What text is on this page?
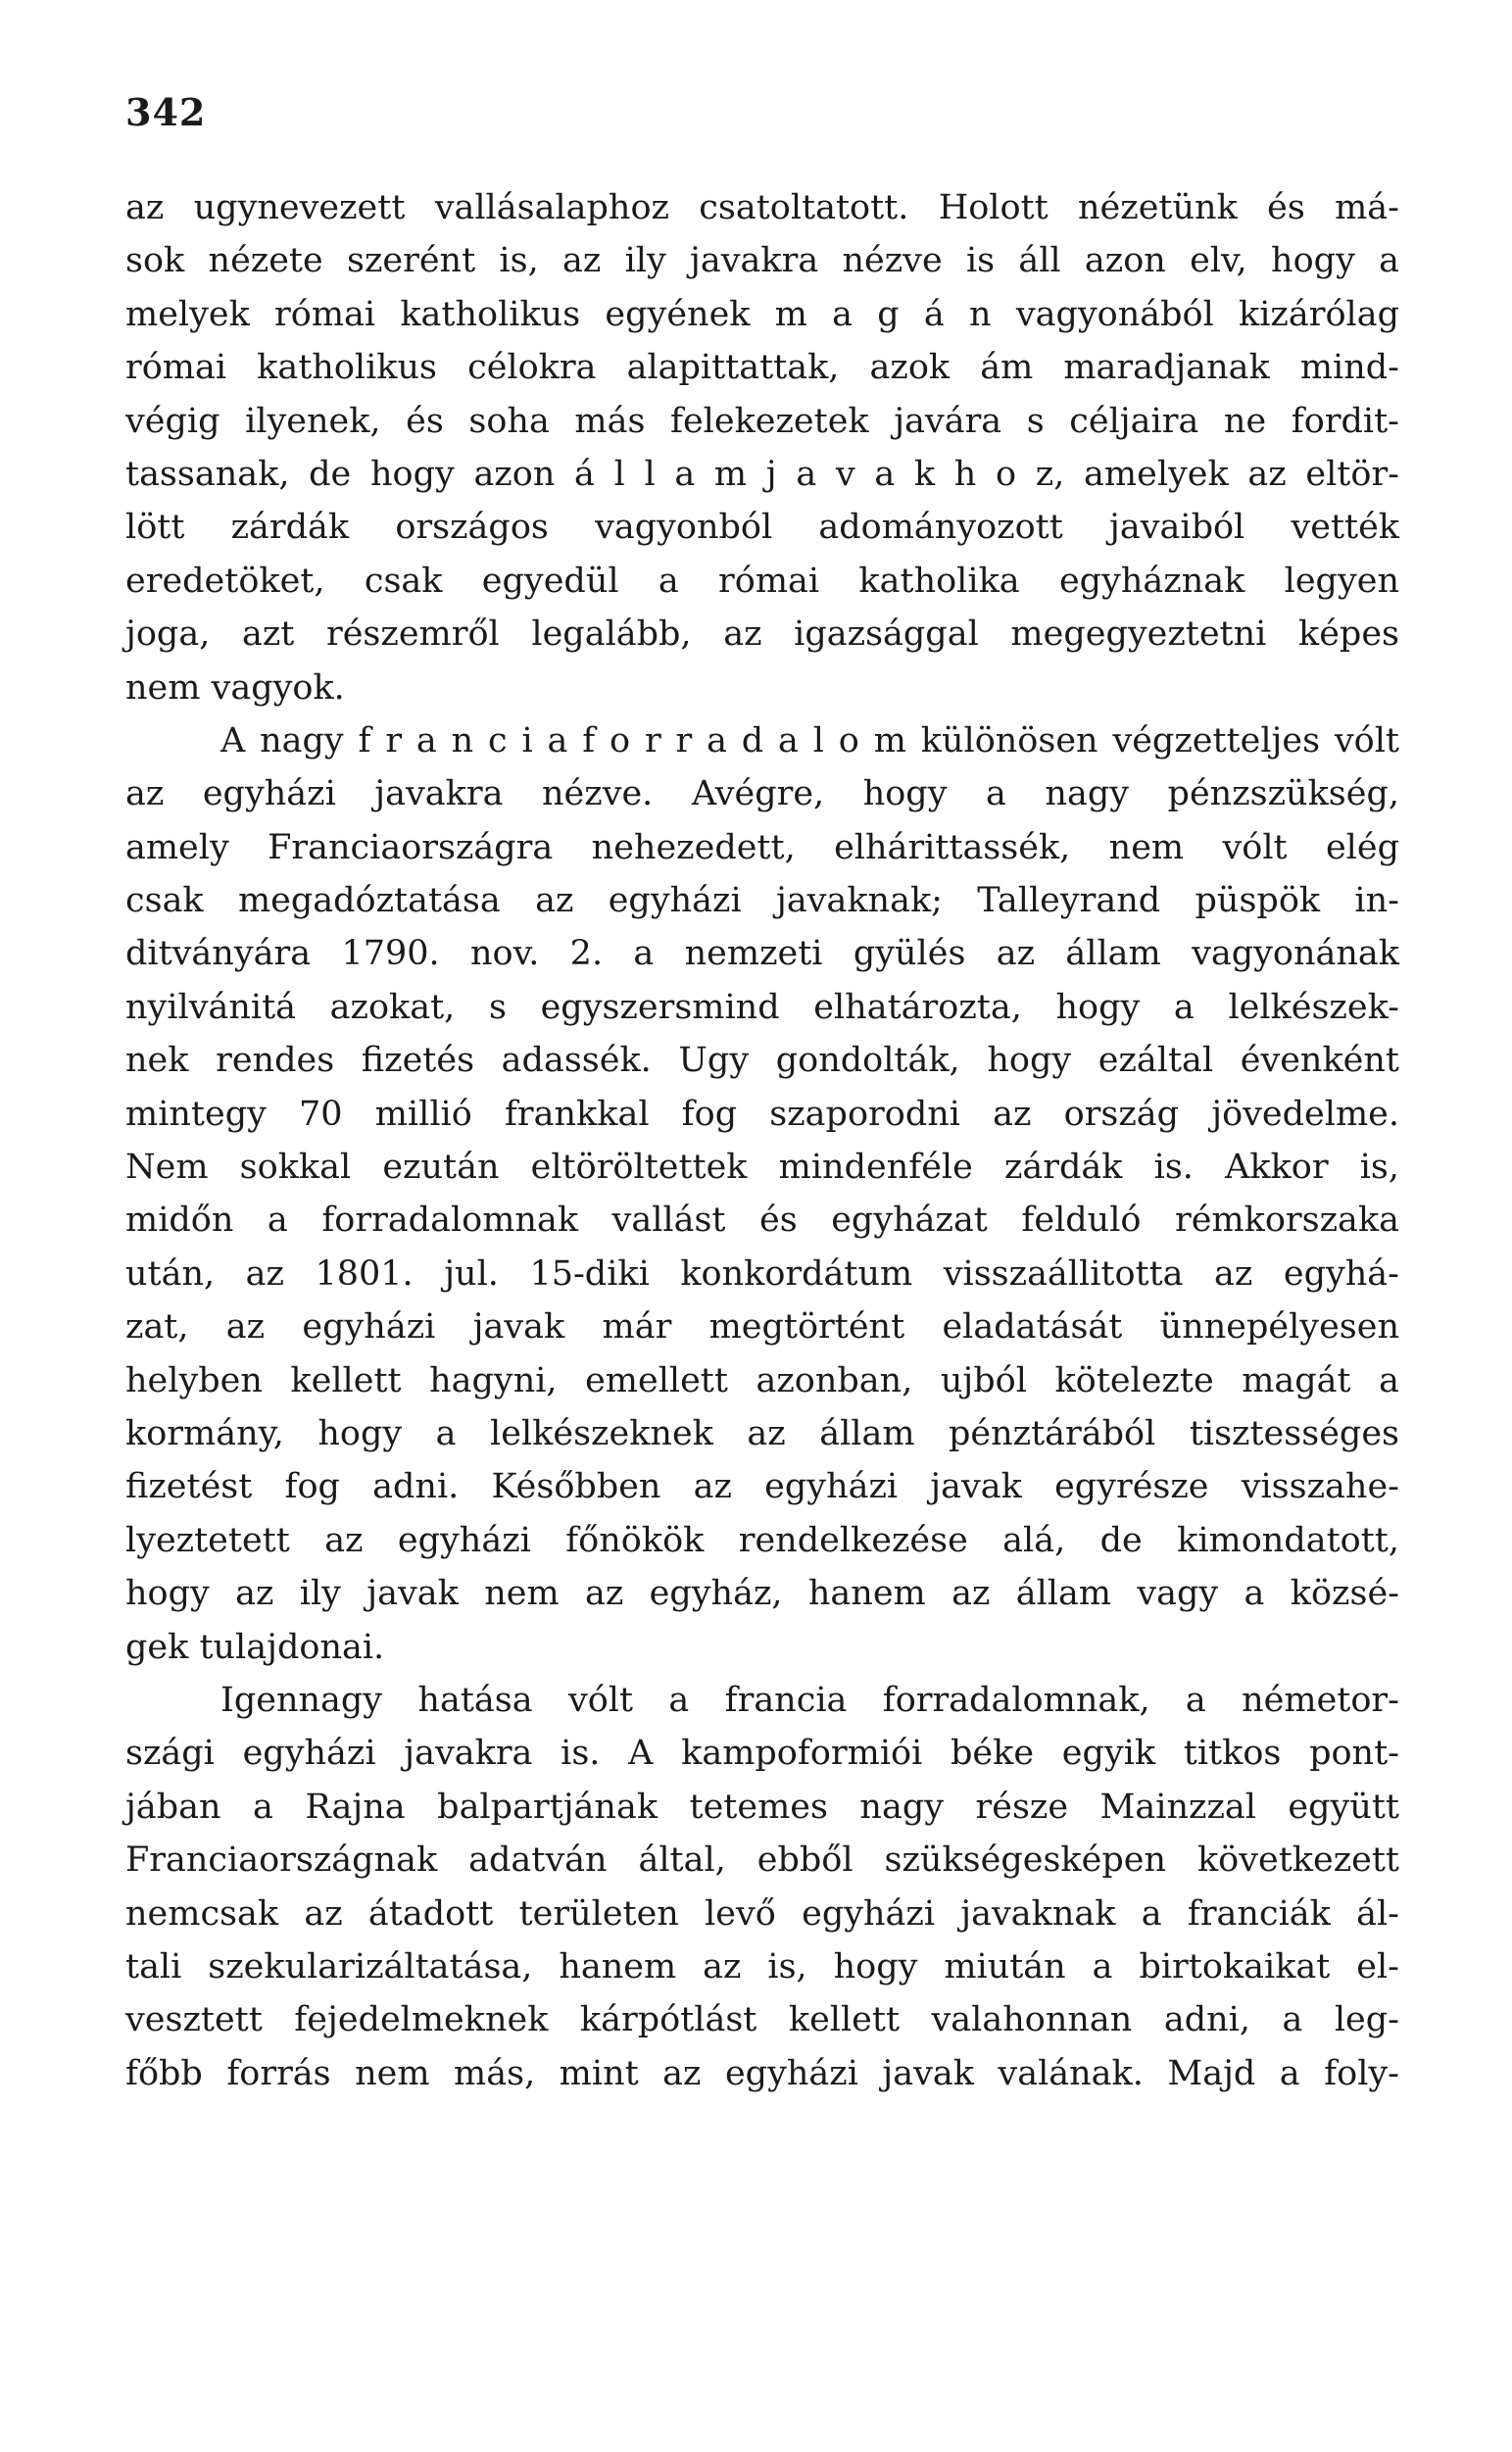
342
az ugynevezett vallásalaphoz csatoltatott. Holott nézetünk és má-
sok nézete szerént is, az ily javakra nézve is áll azon elv, hogy a
melyek római katholikus egyének m a g á n vagyonából kizárólag
római katholikus célokra alapittattak, azok ám maradjanak mind-
végig ilyenek, és soha más felekezetek javára s céljaira ne fordit-
tassanak, de hogy azon á l l a m j a v a k h o z, amelyek az eltör-
lött zárdák országos vagyonból adományozott javaiból vették
eredetöket, csak egyedül a római katholika egyháznak legyen
joga, azt részemről legalább, az igazsággal megegyeztetni képes
nem vagyok.
A nagy f r a n c i a f o r r a d a l o m különösen végzetteljes vólt
az egyházi javakra nézve. Avégre, hogy a nagy pénzszükség,
amely Franciaországra nehezedett, elhárittassék, nem vólt elég
csak megadóztatása az egyházi javaknak; Talleyrand püspök in-
ditványára 1790. nov. 2. a nemzeti gyülés az állam vagyonának
nyilvánitá azokat, s egyszersmind elhatározta, hogy a lelkészek-
nek rendes fizetés adassék. Ugy gondolták, hogy ezáltal évenként
mintegy 70 millió frankkal fog szaporodni az ország jövedelme.
Nem sokkal ezután eltöröltettek mindenféle zárdák is. Akkor is,
midőn a forradalomnak vallást és egyházat felduló rémkorszaka
után, az 1801. jul. 15-diki konkordátum visszaállitotta az egyhá-
zat, az egyházi javak már megtörtént eladatását ünnepélyesen
helyben kellett hagyni, emellett azonban, ujból kötelezte magát a
kormány, hogy a lelkészeknek az állam pénztárából tisztességes
fizetést fog adni. Későbben az egyházi javak egyrésze visszahe-
lyeztetett az egyházi főnökök rendelkezése alá, de kimondatott,
hogy az ily javak nem az egyház, hanem az állam vagy a közsé-
gek tulajdonai.
Igennagy hatása vólt a francia forradalomnak, a németor-
szági egyházi javakra is. A kampoformiói béke egyik titkos pont-
jában a Rajna balpartjának tetemes nagy része Mainzzal együtt
Franciaországnak adatván által, ebből szükségesképen következett
nemcsak az átadott területen levő egyházi javaknak a franciák ál-
tali szekularizáltatása, hanem az is, hogy miután a birtokaikat el-
vesztett fejedelmeknek kárpótlást kellett valahonnan adni, a leg-
főbb forrás nem más, mint az egyházi javak valának. Majd a foly-
